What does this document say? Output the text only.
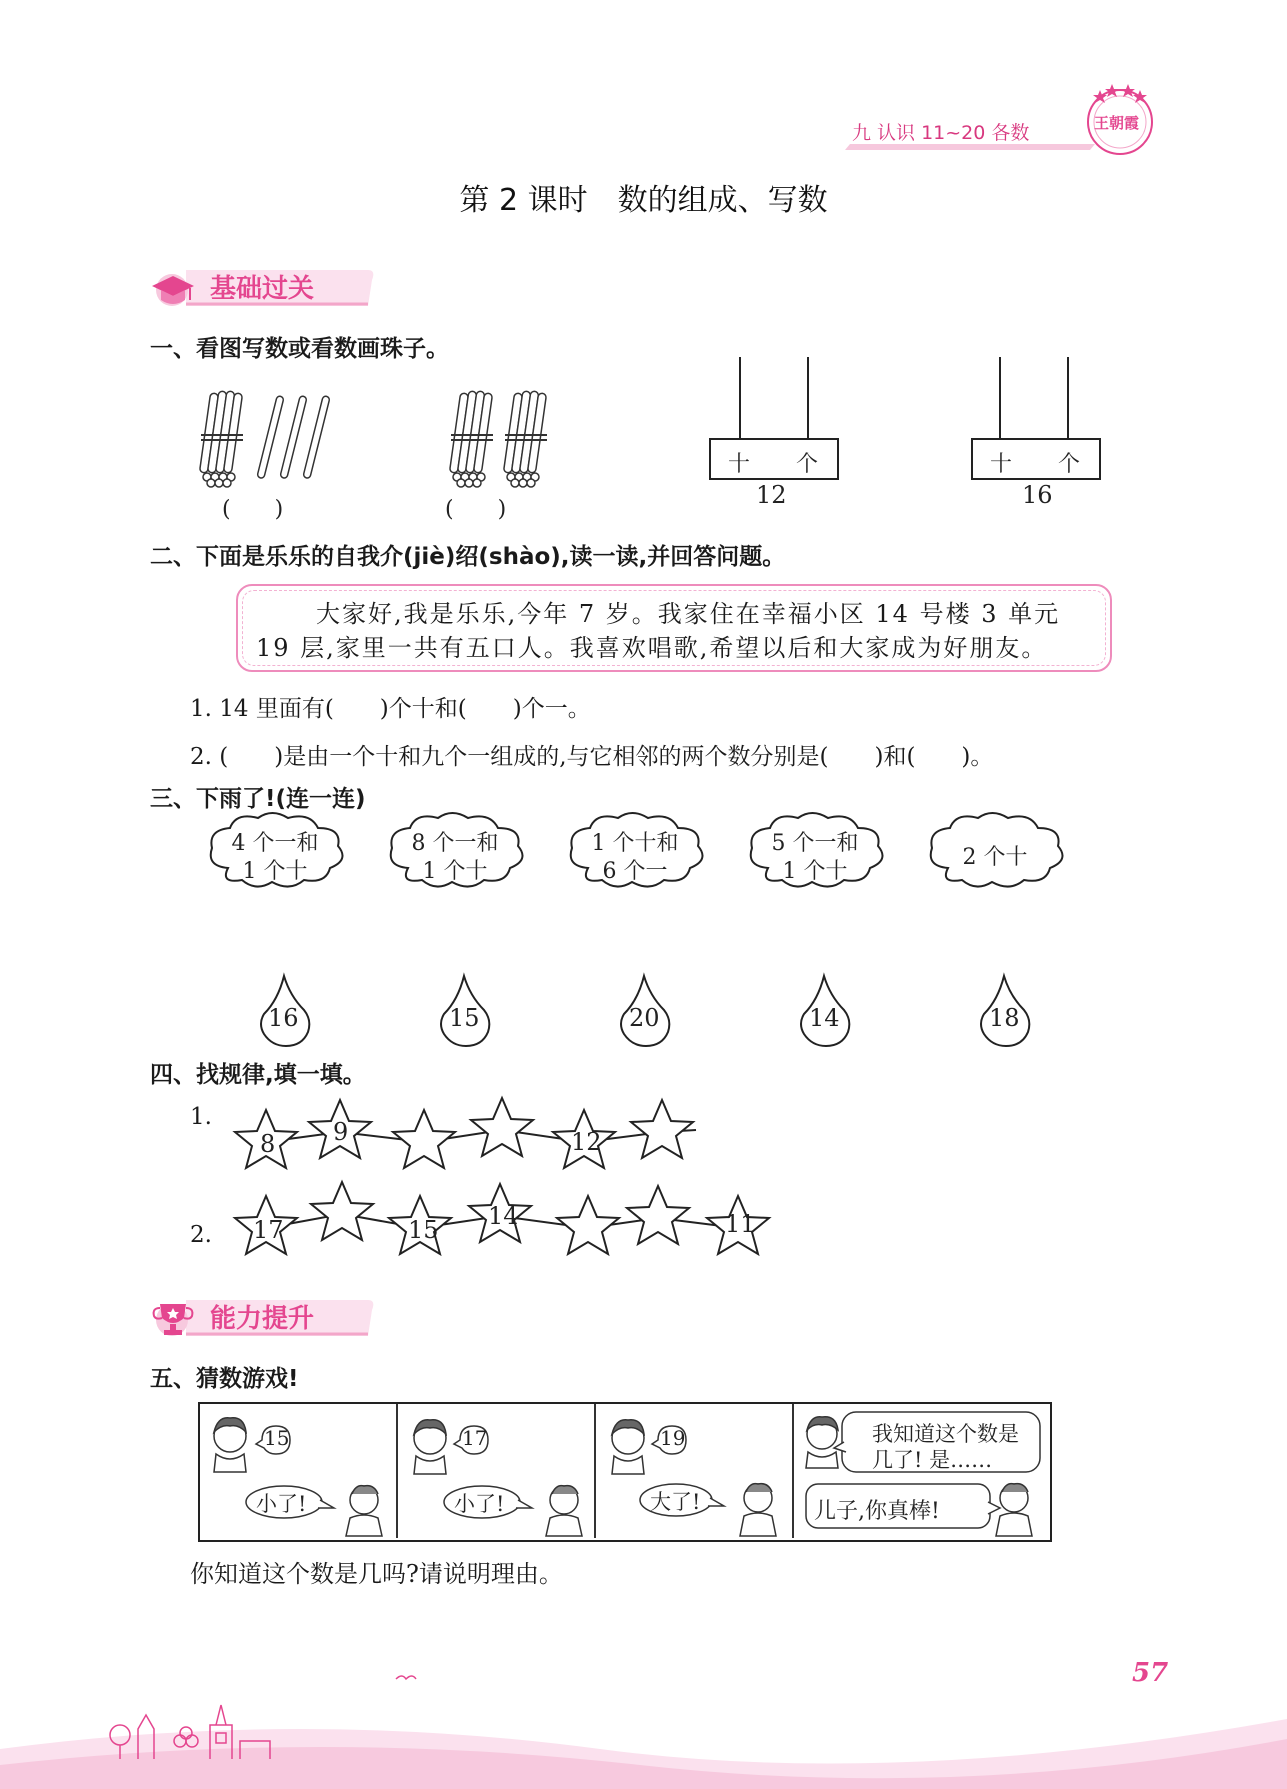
九 认识 11~20 各数	王朝霞
第 2 课时　数的组成、写数
基础过关
一、看图写数或看数画珠子。
(　　)	(　　)
十 个
12
十 个
16
二、下面是乐乐的自我介(jiè)绍(shào),读一读,并回答问题。
大家好,我是乐乐,今年 7 岁。我家住在幸福小区 14 号楼 3 单元
19 层,家里一共有五口人。我喜欢唱歌,希望以后和大家成为好朋友。
1. 14 里面有(　　)个十和(　　)个一。
2. (　　)是由一个十和九个一组成的,与它相邻的两个数分别是(　　)和(　　)。
三、下雨了!(连一连)
4 个一和
1 个十
8 个一和
1 个十
1 个十和
6 个一
5 个一和
1 个十
2 个十
16	15	20	14	18
四、找规律,填一填。
1.
2.
8 9	12
17	15 14	11
能力提升
五、猜数游戏!
15
小了!
17
小了!
19
大了!
我知道这个数是
几了! 是……
儿子,你真棒!
你知道这个数是几吗?请说明理由。
57
